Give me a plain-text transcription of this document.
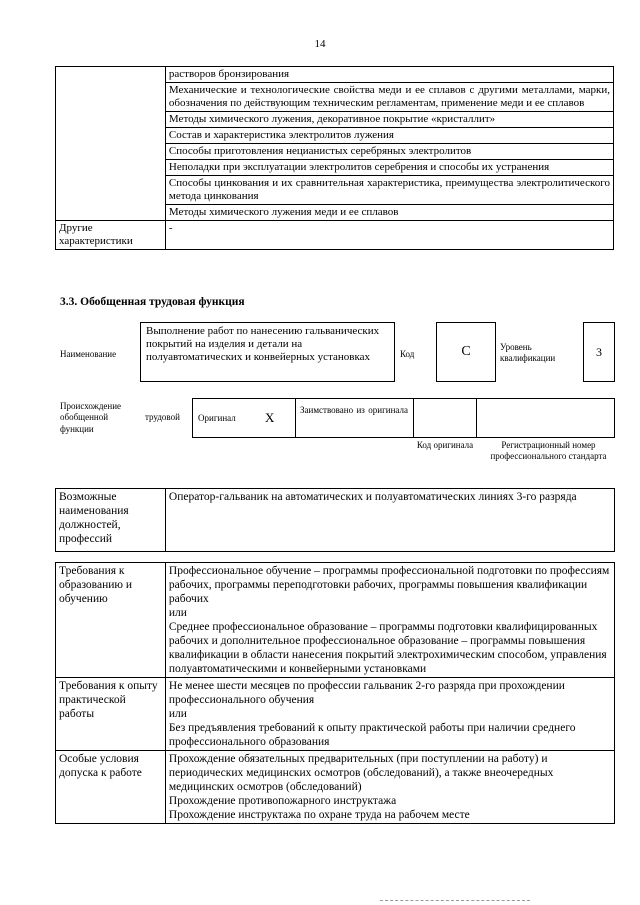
14
	растворов бронзирования
	Механические и технологические свойства меди и ее сплавов с другими металлами, марки, обозначения по действующим техническим регламентам, применение меди и ее сплавов
	Методы химического лужения, декоративное покрытие «кристаллит»
	Состав и характеристика электролитов лужения
	Способы приготовления нецианистых серебряных электролитов
	Неполадки при эксплуатации электролитов серебрения и способы их устранения
	Способы цинкования и их сравнительная характеристика, преимущества электролитического метода цинкования
	Методы химического лужения меди и ее сплавов
Другие характеристики	-
3.3. Обобщенная трудовая функция
Наименование
Выполнение работ по нанесению гальванических покрытий на изделия и детали на полуавтоматических и конвейерных установках	Код	C	Уровень квалификации	3
Происхождение обобщенной	трудовой
функции
Оригинал X	Заимствовано из оригинала
Код оригинала	Регистрационный номер профессионального стандарта
Возможные наименования должностей, профессий	Оператор-гальваник на автоматических и полуавтоматических линиях 3-го разряда
Требования к образованию и обучению	Профессиональное обучение – программы профессиональной подготовки по профессиям рабочих, программы переподготовки рабочих, программы повышения квалификации рабочих
или
Среднее профессиональное образование – программы подготовки квалифицированных рабочих и дополнительное профессиональное образование – программы повышения квалификации в области нанесения покрытий электрохимическим способом, управления полуавтоматическими и конвейерными установками

Требования к опыту практической работы	Не менее шести месяцев по профессии гальваник 2-го разряда при прохождении профессионального обучения
или
Без предъявления требований к опыту практической работы при наличии среднего профессионального образования

Особые условия допуска к работе	Прохождение обязательных предварительных (при поступлении на работу) и периодических медицинских осмотров (обследований), а также внеочередных медицинских осмотров (обследований)
Прохождение противопожарного инструктажа
Прохождение инструктажа по охране труда на рабочем месте
